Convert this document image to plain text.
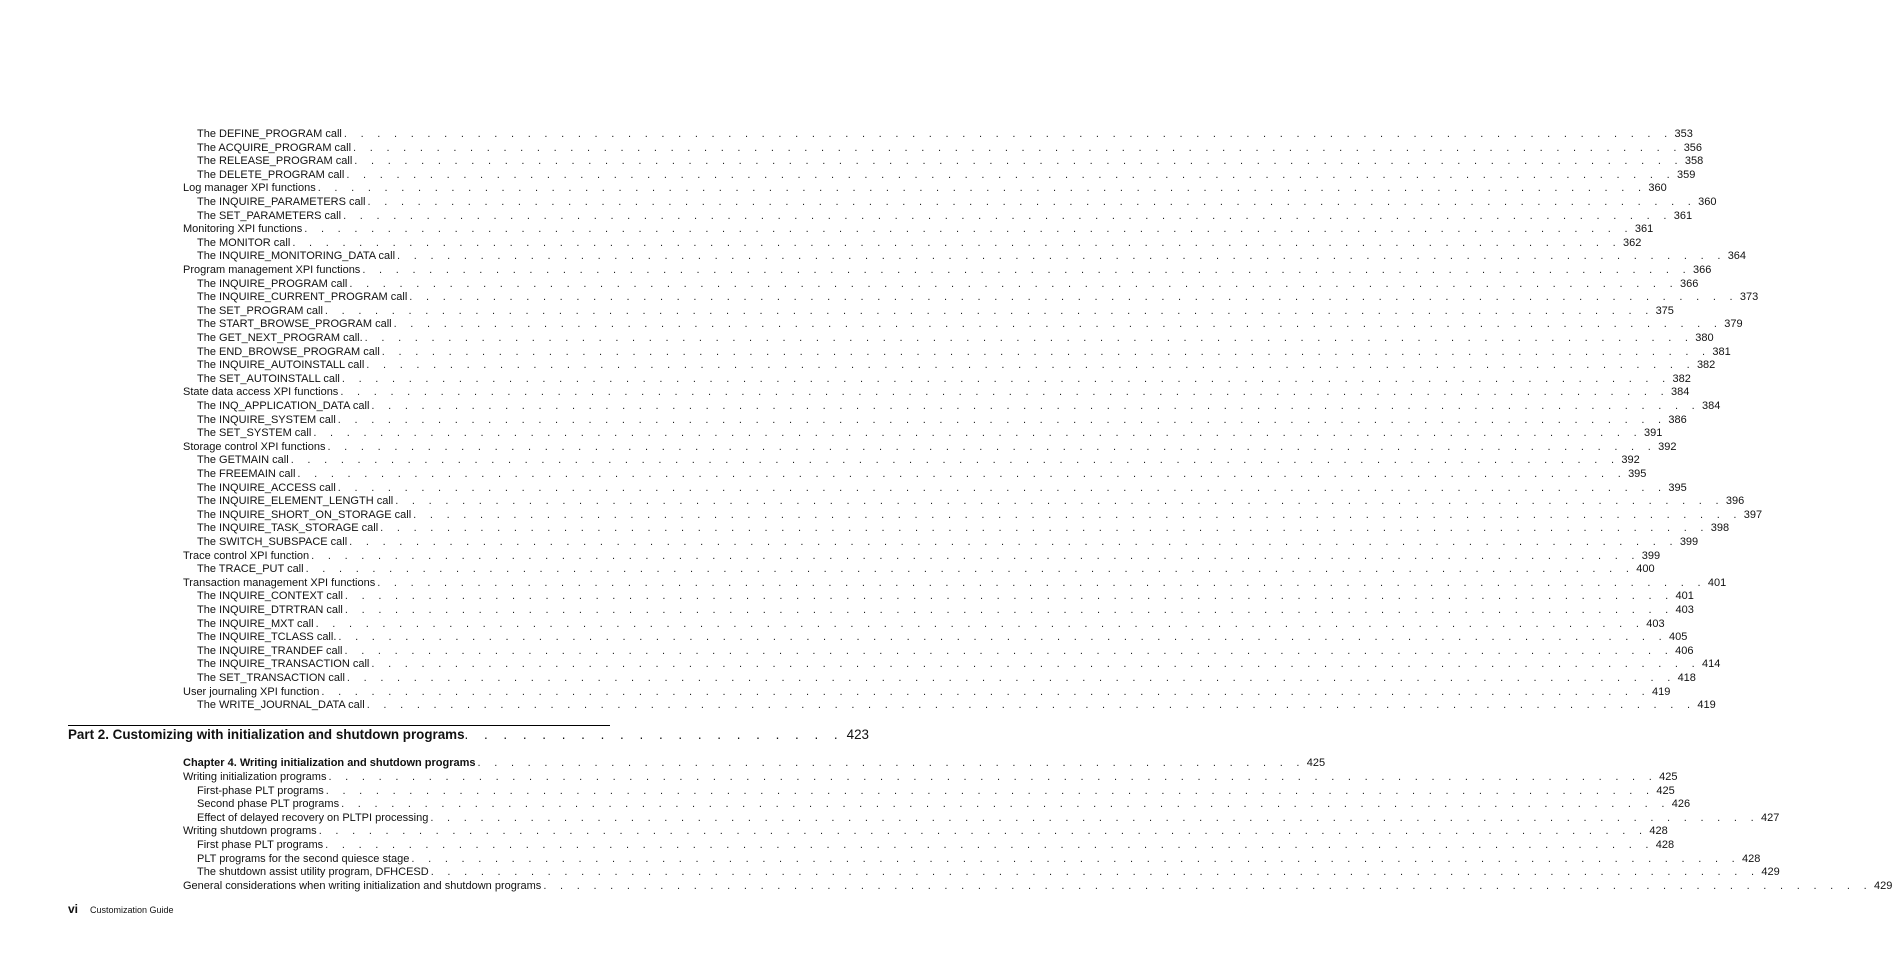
The DEFINE_PROGRAM call . . . . . . . . . . . . . . . . . . . . . . . . . . . . . . . . . . . . . . . . . . . . . . . . . . . . . . . . . . . . . . . . . . . . . . . . . . . . . . . . 353
The ACQUIRE_PROGRAM call . . . . . . . . . . . . . . . . . . . . . . . . . . . . . . . . . . . . . . . . . . . . . . . . . . . . . . . . . . . . . . . . . . . . . . . . . . . . . . . . 356
The RELEASE_PROGRAM call . . . . . . . . . . . . . . . . . . . . . . . . . . . . . . . . . . . . . . . . . . . . . . . . . . . . . . . . . . . . . . . . . . . . . . . . . . . . . . . . 358
The DELETE_PROGRAM call . . . . . . . . . . . . . . . . . . . . . . . . . . . . . . . . . . . . . . . . . . . . . . . . . . . . . . . . . . . . . . . . . . . . . . . . . . . . . . . . 359
Log manager XPI functions . . . . . . . . . . . . . . . . . . . . . . . . . . . . . . . . . . . . . . . . . . . . . . . . . . . . . . . . . . . . . . . . . . . . . . . . . . . . . . . . 360
The INQUIRE_PARAMETERS call . . . . . . . . . . . . . . . . . . . . . . . . . . . . . . . . . . . . . . . . . . . . . . . . . . . . . . . . . . . . . . . . . . . . . . . . . . . . . . . . 360
The SET_PARAMETERS call . . . . . . . . . . . . . . . . . . . . . . . . . . . . . . . . . . . . . . . . . . . . . . . . . . . . . . . . . . . . . . . . . . . . . . . . . . . . . . . . 361
Monitoring XPI functions . . . . . . . . . . . . . . . . . . . . . . . . . . . . . . . . . . . . . . . . . . . . . . . . . . . . . . . . . . . . . . . . . . . . . . . . . . . . . . . . 361
The MONITOR call . . . . . . . . . . . . . . . . . . . . . . . . . . . . . . . . . . . . . . . . . . . . . . . . . . . . . . . . . . . . . . . . . . . . . . . . . . . . . . . . 362
The INQUIRE_MONITORING_DATA call . . . . . . . . . . . . . . . . . . . . . . . . . . . . . . . . . . . . . . . . . . . . . . . . . . . . . . . . . . . . . . . . . . . . . . . . . . . . . . . . 364
Program management XPI functions . . . . . . . . . . . . . . . . . . . . . . . . . . . . . . . . . . . . . . . . . . . . . . . . . . . . . . . . . . . . . . . . . . . . . . . . . . . . . . . . 366
The INQUIRE_PROGRAM call . . . . . . . . . . . . . . . . . . . . . . . . . . . . . . . . . . . . . . . . . . . . . . . . . . . . . . . . . . . . . . . . . . . . . . . . . . . . . . . . 366
The INQUIRE_CURRENT_PROGRAM call . . . . . . . . . . . . . . . . . . . . . . . . . . . . . . . . . . . . . . . . . . . . . . . . . . . . . . . . . . . . . . . . . . . . . . . . . . . . . . . . 373
The SET_PROGRAM call . . . . . . . . . . . . . . . . . . . . . . . . . . . . . . . . . . . . . . . . . . . . . . . . . . . . . . . . . . . . . . . . . . . . . . . . . . . . . . . . 375
The START_BROWSE_PROGRAM call . . . . . . . . . . . . . . . . . . . . . . . . . . . . . . . . . . . . . . . . . . . . . . . . . . . . . . . . . . . . . . . . . . . . . . . . . . . . . . . . 379
The GET_NEXT_PROGRAM call. . . . . . . . . . . . . . . . . . . . . . . . . . . . . . . . . . . . . . . . . . . . . . . . . . . . . . . . . . . . . . . . . . . . . . . . . . . . . . . . . 380
The END_BROWSE_PROGRAM call . . . . . . . . . . . . . . . . . . . . . . . . . . . . . . . . . . . . . . . . . . . . . . . . . . . . . . . . . . . . . . . . . . . . . . . . . . . . . . . . 381
The INQUIRE_AUTOINSTALL call . . . . . . . . . . . . . . . . . . . . . . . . . . . . . . . . . . . . . . . . . . . . . . . . . . . . . . . . . . . . . . . . . . . . . . . . . . . . . . . . 382
The SET_AUTOINSTALL call . . . . . . . . . . . . . . . . . . . . . . . . . . . . . . . . . . . . . . . . . . . . . . . . . . . . . . . . . . . . . . . . . . . . . . . . . . . . . . . . 382
State data access XPI functions . . . . . . . . . . . . . . . . . . . . . . . . . . . . . . . . . . . . . . . . . . . . . . . . . . . . . . . . . . . . . . . . . . . . . . . . . . . . . . . . 384
The INQ_APPLICATION_DATA call . . . . . . . . . . . . . . . . . . . . . . . . . . . . . . . . . . . . . . . . . . . . . . . . . . . . . . . . . . . . . . . . . . . . . . . . . . . . . . . . 384
The INQUIRE_SYSTEM call . . . . . . . . . . . . . . . . . . . . . . . . . . . . . . . . . . . . . . . . . . . . . . . . . . . . . . . . . . . . . . . . . . . . . . . . . . . . . . . . 386
The SET_SYSTEM call . . . . . . . . . . . . . . . . . . . . . . . . . . . . . . . . . . . . . . . . . . . . . . . . . . . . . . . . . . . . . . . . . . . . . . . . . . . . . . . . 391
Storage control XPI functions . . . . . . . . . . . . . . . . . . . . . . . . . . . . . . . . . . . . . . . . . . . . . . . . . . . . . . . . . . . . . . . . . . . . . . . . . . . . . . . . 392
The GETMAIN call . . . . . . . . . . . . . . . . . . . . . . . . . . . . . . . . . . . . . . . . . . . . . . . . . . . . . . . . . . . . . . . . . . . . . . . . . . . . . . . . 392
The FREEMAIN call . . . . . . . . . . . . . . . . . . . . . . . . . . . . . . . . . . . . . . . . . . . . . . . . . . . . . . . . . . . . . . . . . . . . . . . . . . . . . . . . 395
The INQUIRE_ACCESS call . . . . . . . . . . . . . . . . . . . . . . . . . . . . . . . . . . . . . . . . . . . . . . . . . . . . . . . . . . . . . . . . . . . . . . . . . . . . . . . . 395
The INQUIRE_ELEMENT_LENGTH call . . . . . . . . . . . . . . . . . . . . . . . . . . . . . . . . . . . . . . . . . . . . . . . . . . . . . . . . . . . . . . . . . . . . . . . . . . . . . . . . 396
The INQUIRE_SHORT_ON_STORAGE call . . . . . . . . . . . . . . . . . . . . . . . . . . . . . . . . . . . . . . . . . . . . . . . . . . . . . . . . . . . . . . . . . . . . . . . . . . . . . . . . 397
The INQUIRE_TASK_STORAGE call . . . . . . . . . . . . . . . . . . . . . . . . . . . . . . . . . . . . . . . . . . . . . . . . . . . . . . . . . . . . . . . . . . . . . . . . . . . . . . . . 398
The SWITCH_SUBSPACE call . . . . . . . . . . . . . . . . . . . . . . . . . . . . . . . . . . . . . . . . . . . . . . . . . . . . . . . . . . . . . . . . . . . . . . . . . . . . . . . . 399
Trace control XPI function . . . . . . . . . . . . . . . . . . . . . . . . . . . . . . . . . . . . . . . . . . . . . . . . . . . . . . . . . . . . . . . . . . . . . . . . . . . . . . . . 399
The TRACE_PUT call . . . . . . . . . . . . . . . . . . . . . . . . . . . . . . . . . . . . . . . . . . . . . . . . . . . . . . . . . . . . . . . . . . . . . . . . . . . . . . . . 400
Transaction management XPI functions . . . . . . . . . . . . . . . . . . . . . . . . . . . . . . . . . . . . . . . . . . . . . . . . . . . . . . . . . . . . . . . . . . . . . . . . . . . . . . . . 401
The INQUIRE_CONTEXT call . . . . . . . . . . . . . . . . . . . . . . . . . . . . . . . . . . . . . . . . . . . . . . . . . . . . . . . . . . . . . . . . . . . . . . . . . . . . . . . . 401
The INQUIRE_DTRTRAN call . . . . . . . . . . . . . . . . . . . . . . . . . . . . . . . . . . . . . . . . . . . . . . . . . . . . . . . . . . . . . . . . . . . . . . . . . . . . . . . . 403
The INQUIRE_MXT call . . . . . . . . . . . . . . . . . . . . . . . . . . . . . . . . . . . . . . . . . . . . . . . . . . . . . . . . . . . . . . . . . . . . . . . . . . . . . . . . 403
The INQUIRE_TCLASS call. . . . . . . . . . . . . . . . . . . . . . . . . . . . . . . . . . . . . . . . . . . . . . . . . . . . . . . . . . . . . . . . . . . . . . . . . . . . . . . . . 405
The INQUIRE_TRANDEF call . . . . . . . . . . . . . . . . . . . . . . . . . . . . . . . . . . . . . . . . . . . . . . . . . . . . . . . . . . . . . . . . . . . . . . . . . . . . . . . . 406
The INQUIRE_TRANSACTION call . . . . . . . . . . . . . . . . . . . . . . . . . . . . . . . . . . . . . . . . . . . . . . . . . . . . . . . . . . . . . . . . . . . . . . . . . . . . . . . . 414
The SET_TRANSACTION call . . . . . . . . . . . . . . . . . . . . . . . . . . . . . . . . . . . . . . . . . . . . . . . . . . . . . . . . . . . . . . . . . . . . . . . . . . . . . . . . 418
User journaling XPI function . . . . . . . . . . . . . . . . . . . . . . . . . . . . . . . . . . . . . . . . . . . . . . . . . . . . . . . . . . . . . . . . . . . . . . . . . . . . . . . . 419
The WRITE_JOURNAL_DATA call . . . . . . . . . . . . . . . . . . . . . . . . . . . . . . . . . . . . . . . . . . . . . . . . . . . . . . . . . . . . . . . . . . . . . . . . . . . . . . . . 419
Part 2. Customizing with initialization and shutdown programs . . . . . . . . . . . . . . . . . . . . 423
Chapter 4. Writing initialization and shutdown programs . . . . . . . . . . . . . . . . . . . . . . . . . . . . . . . . . . . . . . . . . . . . . . . . . . 425
Writing initialization programs . . . . . . . . . . . . . . . . . . . . . . . . . . . . . . . . . . . . . . . . . . . . . . . . . . . . . . . . . . . . . . . . . . . . . . . . . . . . . . . . 425
First-phase PLT programs . . . . . . . . . . . . . . . . . . . . . . . . . . . . . . . . . . . . . . . . . . . . . . . . . . . . . . . . . . . . . . . . . . . . . . . . . . . . . . . . 425
Second phase PLT programs . . . . . . . . . . . . . . . . . . . . . . . . . . . . . . . . . . . . . . . . . . . . . . . . . . . . . . . . . . . . . . . . . . . . . . . . . . . . . . . . 426
Effect of delayed recovery on PLTPI processing . . . . . . . . . . . . . . . . . . . . . . . . . . . . . . . . . . . . . . . . . . . . . . . . . . . . . . . . . . . . . . . . . . . . . . . . . . . . . . . . 427
Writing shutdown programs . . . . . . . . . . . . . . . . . . . . . . . . . . . . . . . . . . . . . . . . . . . . . . . . . . . . . . . . . . . . . . . . . . . . . . . . . . . . . . . . 428
First phase PLT programs . . . . . . . . . . . . . . . . . . . . . . . . . . . . . . . . . . . . . . . . . . . . . . . . . . . . . . . . . . . . . . . . . . . . . . . . . . . . . . . . 428
PLT programs for the second quiesce stage . . . . . . . . . . . . . . . . . . . . . . . . . . . . . . . . . . . . . . . . . . . . . . . . . . . . . . . . . . . . . . . . . . . . . . . . . . . . . . . . 428
The shutdown assist utility program, DFHCESD . . . . . . . . . . . . . . . . . . . . . . . . . . . . . . . . . . . . . . . . . . . . . . . . . . . . . . . . . . . . . . . . . . . . . . . . . . . . . . . . 429
General considerations when writing initialization and shutdown programs . . . . . . . . . . . . . . . . . . . . . . . . . . . . . . . . . . . . . . . . . . . . . . . . . . . . . . . . . . . . . . . . . . . . . . . . . . . . . . . . 429
vi Customization Guide
